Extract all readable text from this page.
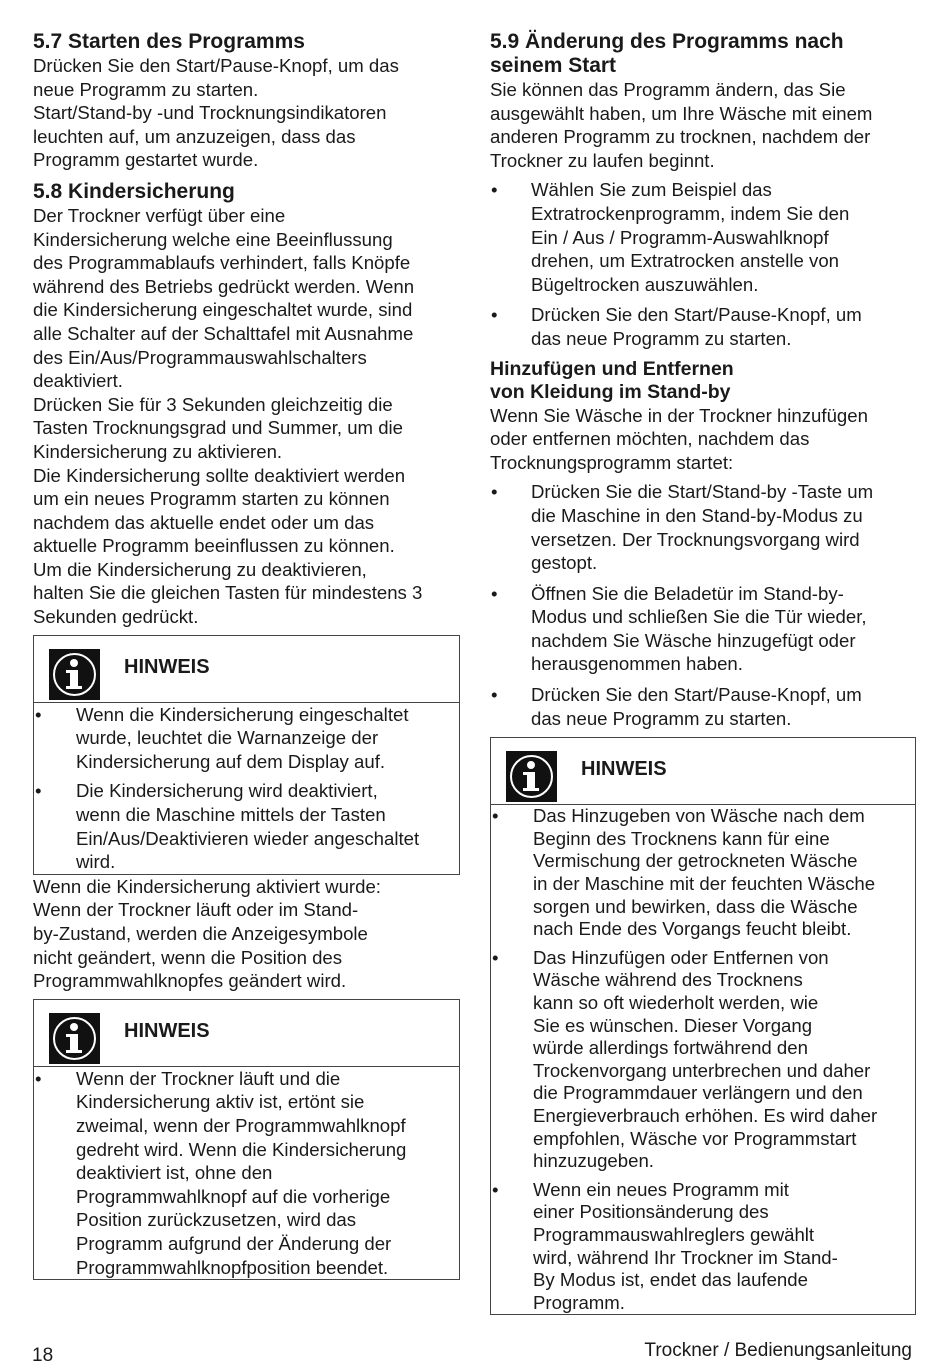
5.7 Starten des Programms

Drücken Sie den Start/Pause-Knopf, um das
neue Programm zu starten.
Start/Stand-by -und Trocknungsindikatoren
leuchten auf, um anzuzeigen, dass das
Programm gestartet wurde.

5.8 Kindersicherung

Der Trockner verfügt über eine
Kindersicherung welche eine Beeinflussung
des Programmablaufs verhindert, falls Knöpfe
während des Betriebs gedrückt werden. Wenn
die Kindersicherung eingeschaltet wurde, sind
alle Schalter auf der Schalttafel mit Ausnahme
des Ein/Aus/Programmauswahlschalters
deaktiviert.
Drücken Sie für 3 Sekunden gleichzeitig die
Tasten Trocknungsgrad und Summer, um die
Kindersicherung zu aktivieren.
Die Kindersicherung sollte deaktiviert werden
um ein neues Programm starten zu können
nachdem das aktuelle endet oder um das
aktuelle Programm beeinflussen zu können.
Um die Kindersicherung zu deaktivieren,
halten Sie die gleichen Tasten für mindestens 3
Sekunden gedrückt.

HINWEIS
• Wenn die Kindersicherung eingeschaltet
wurde, leuchtet die Warnanzeige der
Kindersicherung auf dem Display auf.
• Die Kindersicherung wird deaktiviert,
wenn die Maschine mittels der Tasten
Ein/Aus/Deaktivieren wieder angeschaltet
wird.

Wenn die Kindersicherung aktiviert wurde:
Wenn der Trockner läuft oder im Stand-
by-Zustand, werden die Anzeigesymbole
nicht geändert, wenn die Position des
Programmwahlknopfes geändert wird.

HINWEIS
• Wenn der Trockner läuft und die
Kindersicherung aktiv ist, ertönt sie
zweimal, wenn der Programmwahlknopf
gedreht wird. Wenn die Kindersicherung
deaktiviert ist, ohne den
Programmwahlknopf auf die vorherige
Position zurückzusetzen, wird das
Programm aufgrund der Änderung der
Programmwahlknopfposition beendet.
5.9 Änderung des Programms nach
seinem Start

Sie können das Programm ändern, das Sie
ausgewählt haben, um Ihre Wäsche mit einem
anderen Programm zu trocknen, nachdem der
Trockner zu laufen beginnt.

• Wählen Sie zum Beispiel das
Extratrockenprogramm, indem Sie den
Ein / Aus / Programm-Auswahlknopf
drehen, um Extratrocken anstelle von
Bügeltrocken auszuwählen.
• Drücken Sie den Start/Pause-Knopf, um
das neue Programm zu starten.
Hinzufügen und Entfernen
von Kleidung im Stand-by

Wenn Sie Wäsche in der Trockner hinzufügen
oder entfernen möchten, nachdem das
Trocknungsprogramm startet:

• Drücken Sie die Start/Stand-by -Taste um
die Maschine in den Stand-by-Modus zu
versetzen. Der Trocknungsvorgang wird
gestopt.
• Öffnen Sie die Beladetür im Stand-by-
Modus und schließen Sie die Tür wieder,
nachdem Sie Wäsche hinzugefügt oder
herausgenommen haben.
• Drücken Sie den Start/Pause-Knopf, um
das neue Programm zu starten.
HINWEIS
• Das Hinzugeben von Wäsche nach dem
Beginn des Trocknens kann für eine
Vermischung der getrockneten Wäsche
in der Maschine mit der feuchten Wäsche
sorgen und bewirken, dass die Wäsche
nach Ende des Vorgangs feucht bleibt.
• Das Hinzufügen oder Entfernen von
Wäsche während des Trocknens
kann so oft wiederholt werden, wie
Sie es wünschen. Dieser Vorgang
würde allerdings fortwährend den
Trockenvorgang unterbrechen und daher
die Programmdauer verlängern und den
Energieverbrauch erhöhen. Es wird daher
empfohlen, Wäsche vor Programmstart
hinzuzugeben.
• Wenn ein neues Programm mit
einer Positionsänderung des
Programmauswahlreglers gewählt
wird, während Ihr Trockner im Stand-
By Modus ist, endet das laufende
Programm.
18	Trockner / Bedienungsanleitung
